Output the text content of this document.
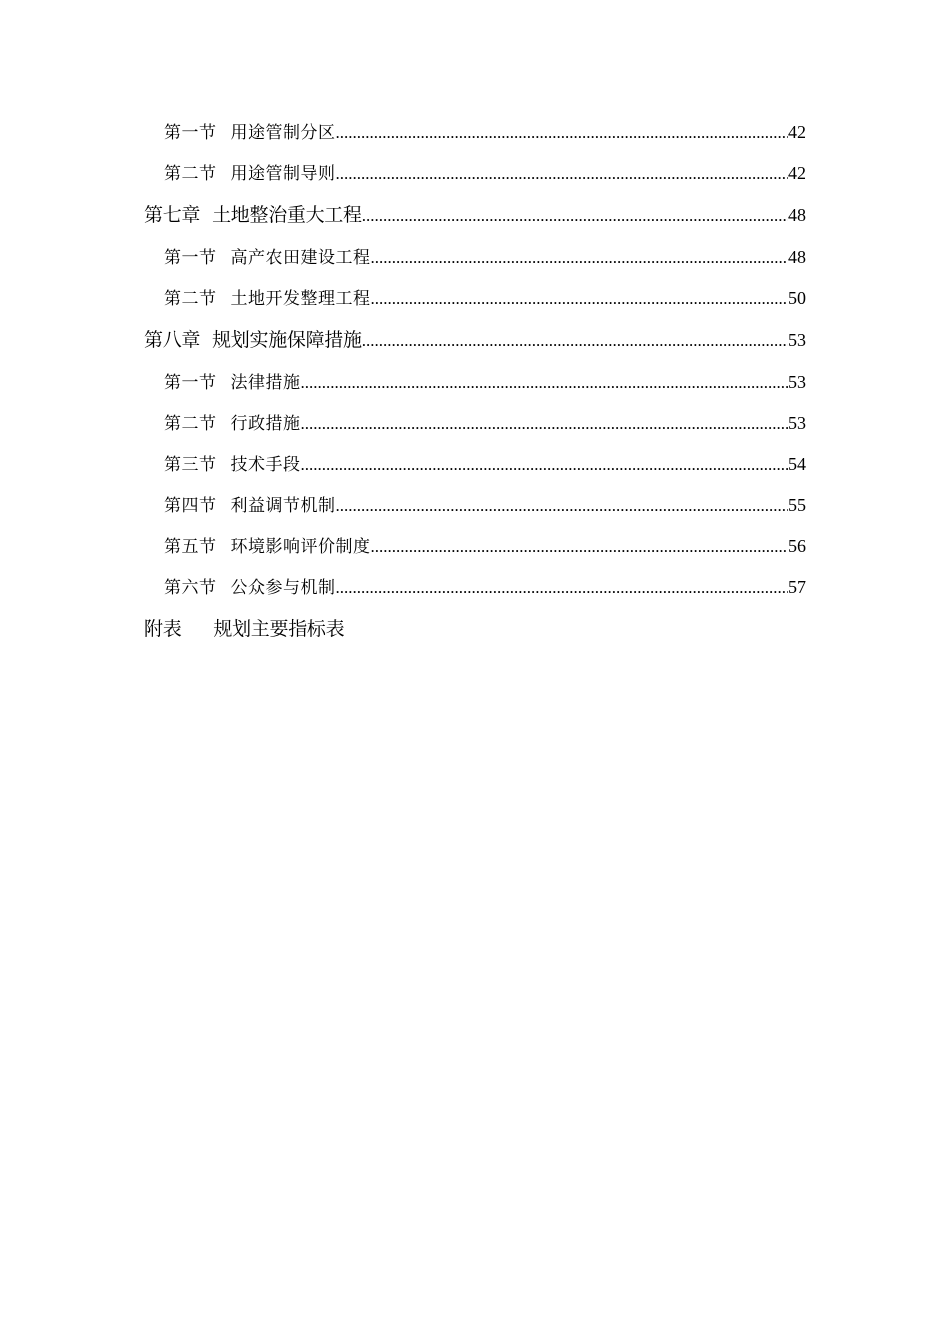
第一节 用途管制分区 .....	42
第二节 用途管制导则 .....	42
第七章 土地整治重大工程 .....	48
第一节 高产农田建设工程 .....	48
第二节 土地开发整理工程 .....	50
第八章 规划实施保障措施 .....	53
第一节 法律措施 .....	53
第二节 行政措施 .....	53
第三节 技术手段 .....	54
第四节 利益调节机制 .....	55
第五节 环境影响评价制度 .....	56
第六节 公众参与机制 .....	57
附表 规划主要指标表
